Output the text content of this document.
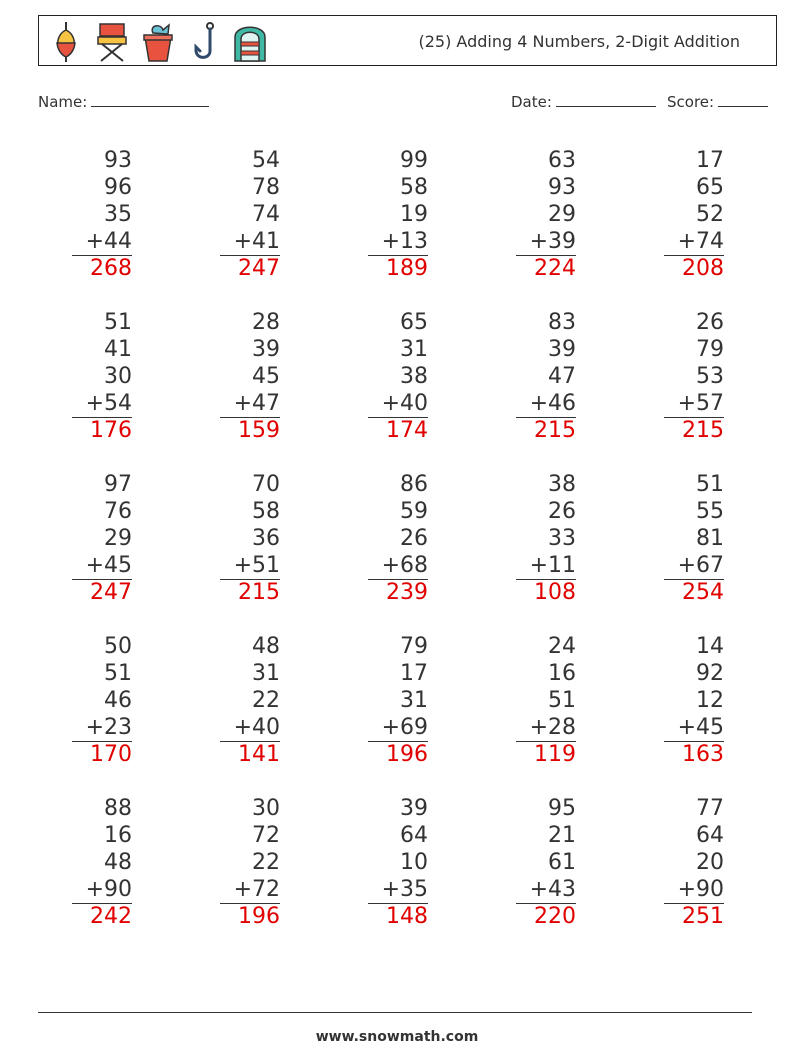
(25) Adding 4 Numbers, 2-Digit Addition
Name:	Date:	Score:
93
96
35
+44
268
54
78
74
+41
247
99
58
19
+13
189
63
93
29
+39
224
17
65
52
+74
208
51
41
30
+54
176
28
39
45
+47
159
65
31
38
+40
174
83
39
47
+46
215
26
79
53
+57
215
97
76
29
+45
247
70
58
36
+51
215
86
59
26
+68
239
38
26
33
+11
108
51
55
81
+67
254
50
51
46
+23
170
48
31
22
+40
141
79
17
31
+69
196
24
16
51
+28
119
14
92
12
+45
163
88
16
48
+90
242
30
72
22
+72
196
39
64
10
+35
148
95
21
61
+43
220
77
64
20
+90
251
www.snowmath.com
